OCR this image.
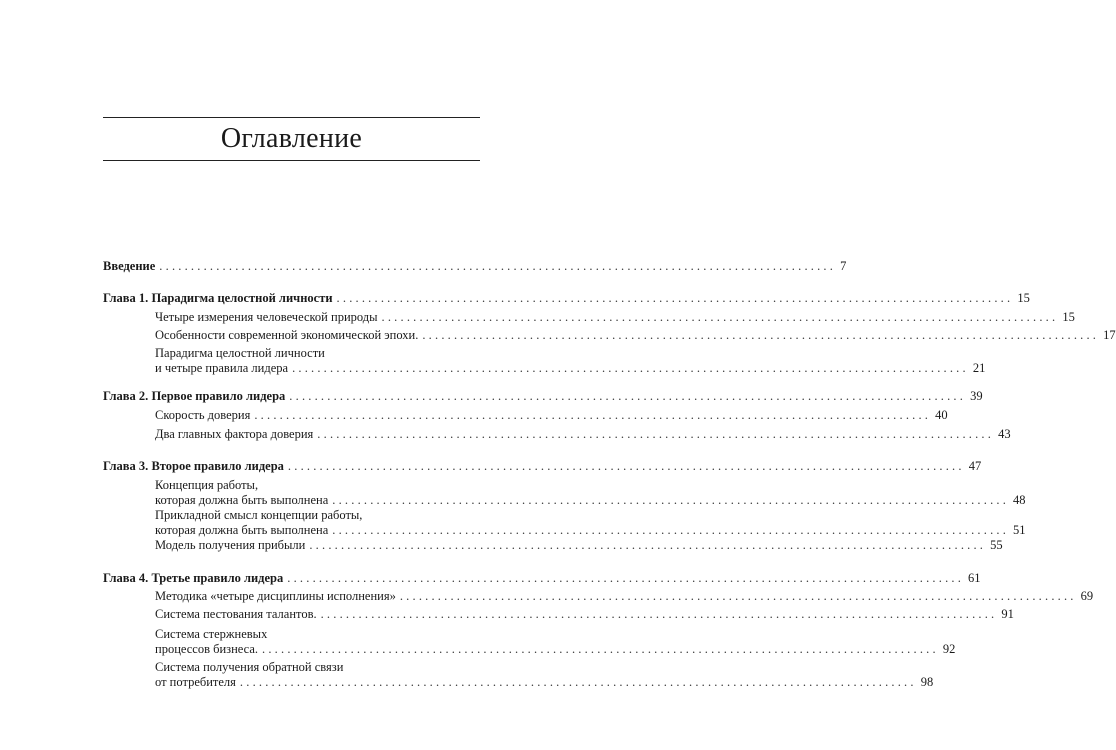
Оглавление
Введение ........................................................................................................... 7
Глава 1. Парадигма целостной личности ........................................................................................................... 15
Четыре измерения человеческой природы ........................................................................................................... 15
Особенности современной экономической эпохи. ........................................................................................................... 17
Парадигма целостной личности
и четыре правила лидера ........................................................................................................... 21
Глава 2. Первое правило лидера ........................................................................................................... 39
Скорость доверия ........................................................................................................... 40
Два главных фактора доверия ........................................................................................................... 43
Глава 3. Второе правило лидера ........................................................................................................... 47
Концепция работы,
которая должна быть выполнена ........................................................................................................... 48
Прикладной смысл концепции работы,
которая должна быть выполнена ........................................................................................................... 51
Модель получения прибыли ........................................................................................................... 55
Глава 4. Третье правило лидера ........................................................................................................... 61
Методика «четыре дисциплины исполнения» ........................................................................................................... 69
Система пестования талантов. ........................................................................................................... 91
Система стержневых
процессов бизнеса. ........................................................................................................... 92
Система получения обратной связи
от потребителя ........................................................................................................... 98
